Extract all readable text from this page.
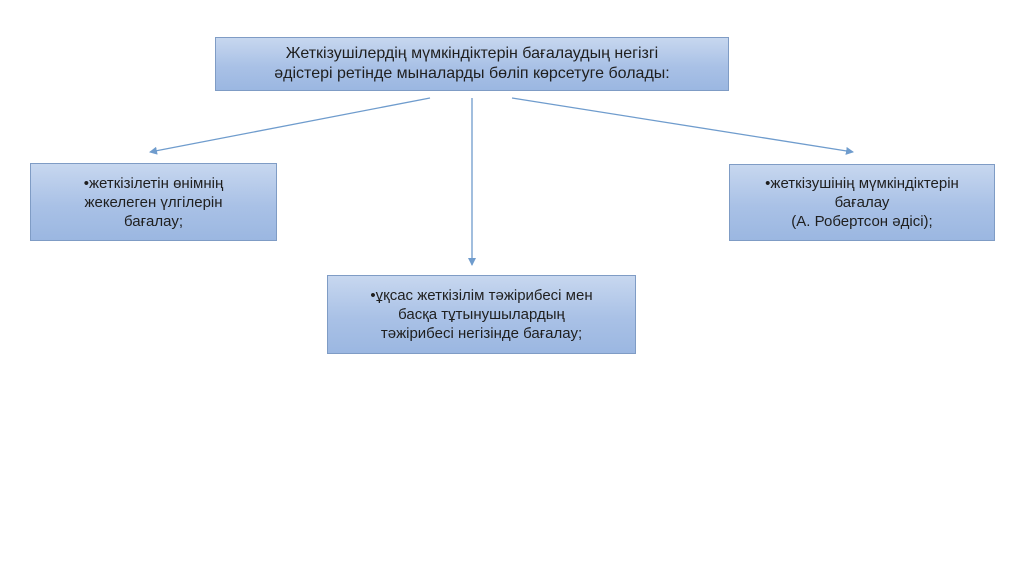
Жеткізушілердің мүмкіндіктерін бағалаудың негізгі
әдістері ретінде мыналарды бөліп көрсетуге болады:
•жеткізілетін өнімнің
жекелеген үлгілерін
бағалау;
•ұқсас жеткізілім тәжірибесі мен
басқа тұтынушылардың
тәжірибесі негізінде бағалау;
•жеткізушінің мүмкіндіктерін
бағалау
(А. Робертсон әдісі);
